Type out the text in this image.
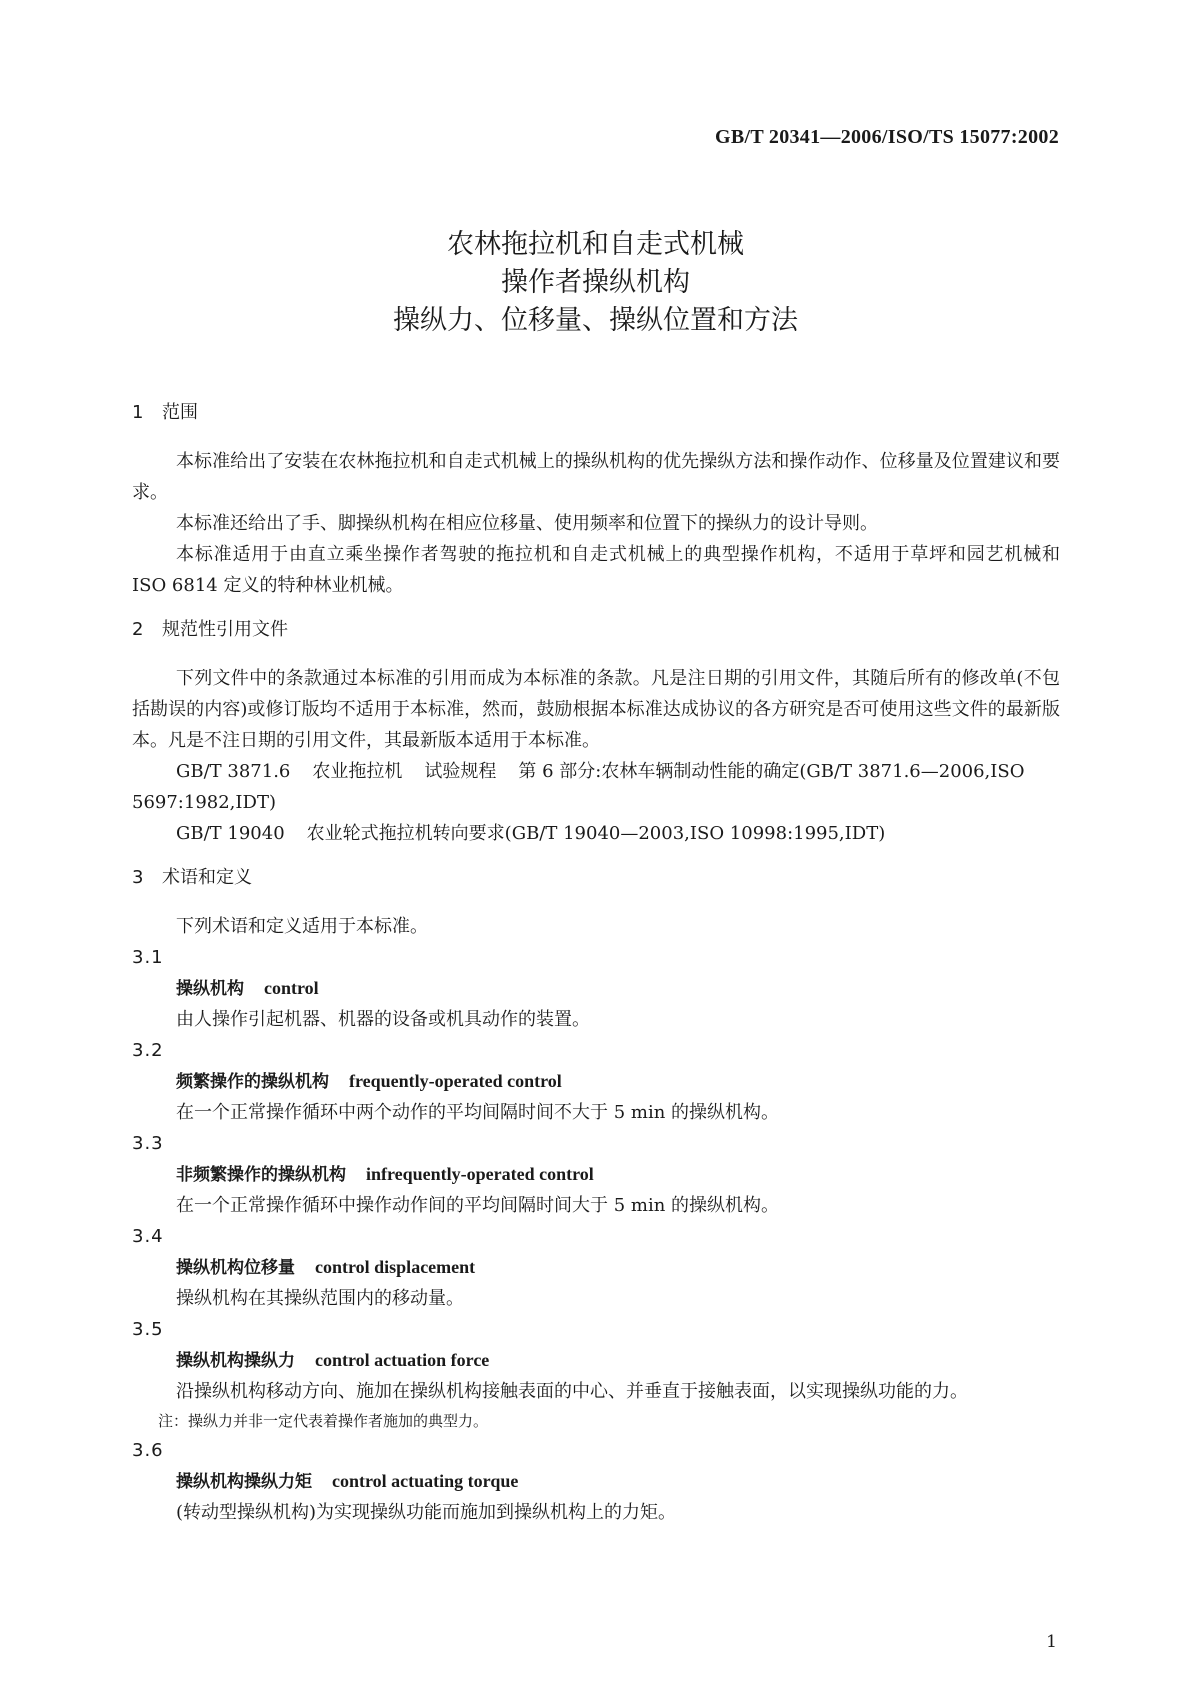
GB/T 20341—2006/ISO/TS 15077:2002
农林拖拉机和自走式机械
操作者操纵机构
操纵力、位移量、操纵位置和方法
1 范围

本标准给出了安装在农林拖拉机和自走式机械上的操纵机构的优先操纵方法和操作动作、位移量及位置建议和要求。

本标准还给出了手、脚操纵机构在相应位移量、使用频率和位置下的操纵力的设计导则。

本标准适用于由直立乘坐操作者驾驶的拖拉机和自走式机械上的典型操作机构，不适用于草坪和园艺机械和 ISO 6814 定义的特种林业机械。

2 规范性引用文件

下列文件中的条款通过本标准的引用而成为本标准的条款。凡是注日期的引用文件，其随后所有的修改单(不包括勘误的内容)或修订版均不适用于本标准，然而，鼓励根据本标准达成协议的各方研究是否可使用这些文件的最新版本。凡是不注日期的引用文件，其最新版本适用于本标准。

GB/T 3871.6 农业拖拉机 试验规程 第 6 部分:农林车辆制动性能的确定(GB/T 3871.6—2006,ISO 5697:1982,IDT)

GB/T 19040 农业轮式拖拉机转向要求(GB/T 19040—2003,ISO 10998:1995,IDT)

3 术语和定义

下列术语和定义适用于本标准。

3.1
操纵机构 control
由人操作引起机器、机器的设备或机具动作的装置。
3.2
频繁操作的操纵机构 frequently-operated control
在一个正常操作循环中两个动作的平均间隔时间不大于 5 min 的操纵机构。
3.3
非频繁操作的操纵机构 infrequently-operated control
在一个正常操作循环中操作动作间的平均间隔时间大于 5 min 的操纵机构。
3.4
操纵机构位移量 control displacement
操纵机构在其操纵范围内的移动量。
3.5
操纵机构操纵力 control actuation force
沿操纵机构移动方向、施加在操纵机构接触表面的中心、并垂直于接触表面，以实现操纵功能的力。
注：操纵力并非一定代表着操作者施加的典型力。
3.6
操纵机构操纵力矩 control actuating torque
(转动型操纵机构)为实现操纵功能而施加到操纵机构上的力矩。
1
